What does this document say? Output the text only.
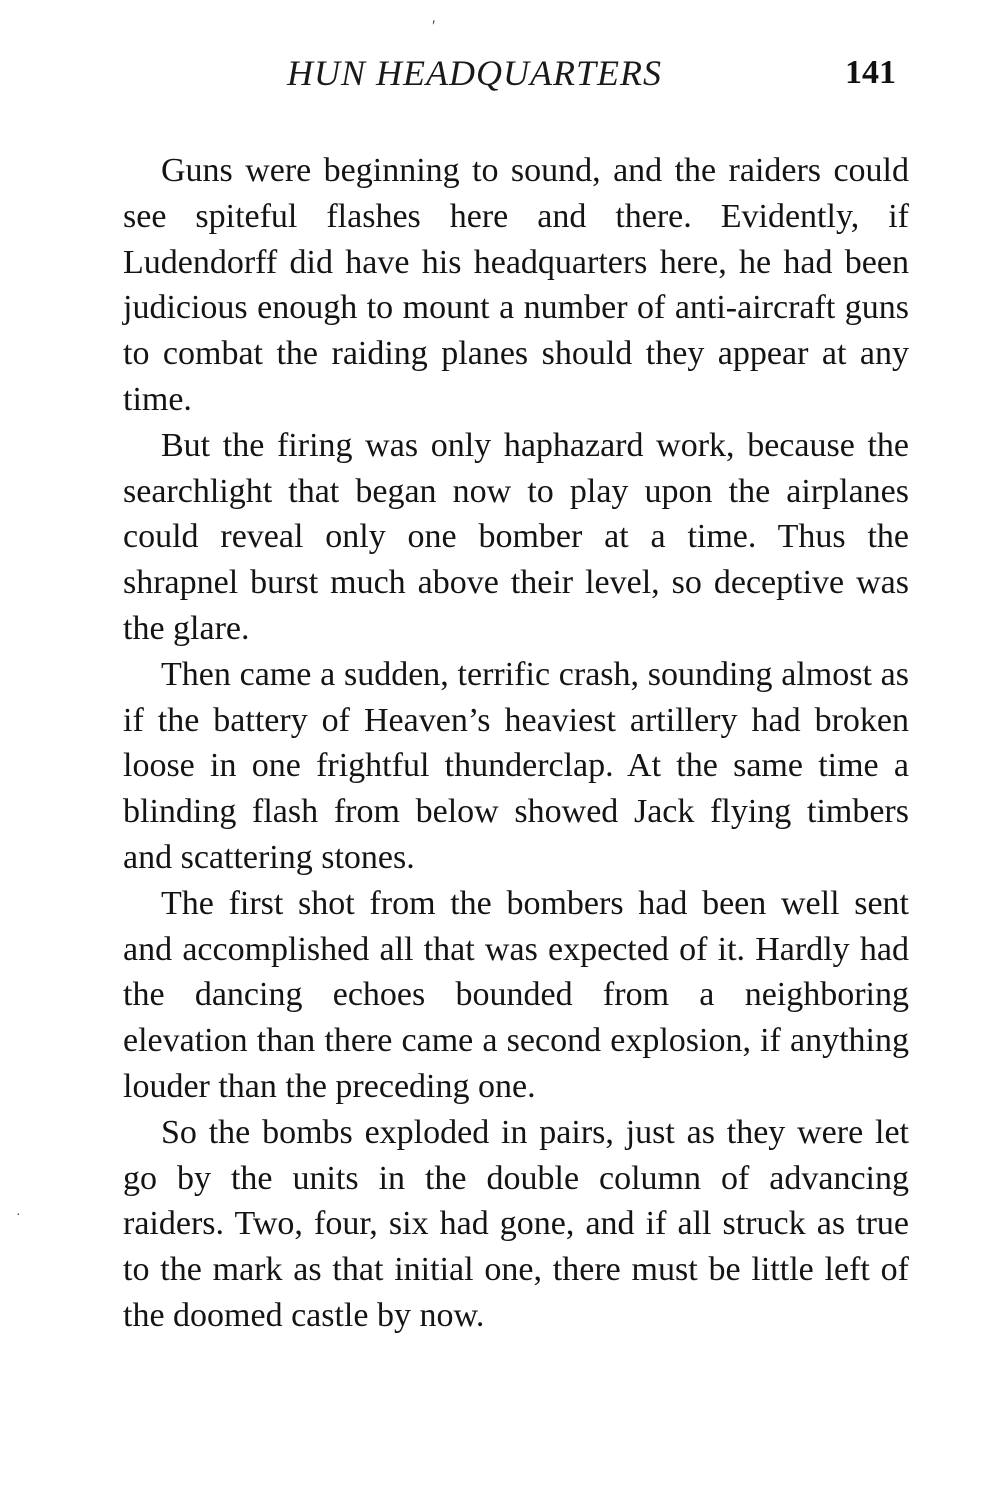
′
HUN HEADQUARTERS	141

Guns were beginning to sound, and the raiders could see spiteful flashes here and there. Evidently, if Ludendorff did have his headquarters here, he had been judicious enough to mount a number of anti-aircraft guns to combat the raiding planes should they appear at any time.

But the firing was only haphazard work, because the searchlight that began now to play upon the airplanes could reveal only one bomber at a time. Thus the shrapnel burst much above their level, so deceptive was the glare.

Then came a sudden, terrific crash, sounding almost as if the battery of Heaven’s heaviest artillery had broken loose in one frightful thunderclap. At the same time a blinding flash from below showed Jack flying timbers and scattering stones.

The first shot from the bombers had been well sent and accomplished all that was expected of it. Hardly had the dancing echoes bounded from a neighboring elevation than there came a second explosion, if anything louder than the preceding one.

So the bombs exploded in pairs, just as they were let go by the units in the double column of advancing raiders. Two, four, six had gone, and if all struck as true to the mark as that initial one, there must be little left of the doomed castle by now.

·
